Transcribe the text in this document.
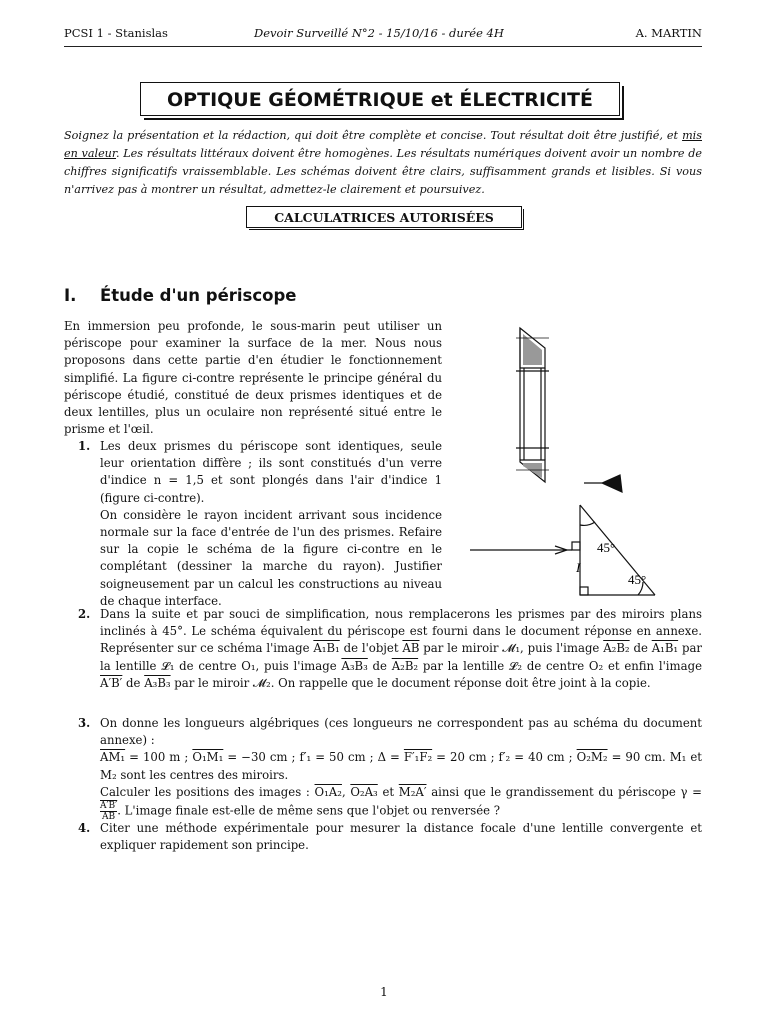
PCSI 1 - Stanislas	Devoir Surveillé N°2 - 15/10/16 - durée 4H	A. MARTIN
OPTIQUE GÉOMÉTRIQUE et ÉLECTRICITÉ
Soignez la présentation et la rédaction, qui doit être complète et concise. Tout résultat doit être justifié, et mis en valeur. Les résultats littéraux doivent être homogènes. Les résultats numériques doivent avoir un nombre de chiffres significatifs vraissemblable. Les schémas doivent être clairs, suffisamment grands et lisibles. Si vous n'arrivez pas à montrer un résultat, admettez-le clairement et poursuivez.
CALCULATRICES AUTORISÉES
I. Étude d'un périscope
En immersion peu profonde, le sous-marin peut utiliser un périscope pour examiner la surface de la mer. Nous nous proposons dans cette partie d'en étudier le fonctionnement simplifié. La figure ci-contre représente le principe général du périscope étudié, constitué de deux prismes identiques et de deux lentilles, plus un oculaire non représenté situé entre le prisme et l'œil.
1. Les deux prismes du périscope sont identiques, seule leur orientation diffère ; ils sont constitués d'un verre d'indice n = 1,5 et sont plongés dans l'air d'indice 1 (figure ci-contre).
On considère le rayon incident arrivant sous incidence normale sur la face d'entrée de l'un des prismes. Refaire sur la copie le schéma de la figure ci-contre en le complétant (dessiner la marche du rayon). Justifier soigneusement par un calcul les constructions au niveau de chaque interface.
2. Dans la suite et par souci de simplification, nous remplacerons les prismes par des miroirs plans inclinés à 45°. Le schéma équivalent du périscope est fourni dans le document réponse en annexe. Représenter sur ce schéma l'image A₁B₁ de l'objet $\overline{AB}$ par le miroir 𝓜₁, puis l'image A₂B₂ de A₁B₁ par la lentille 𝓛₁ de centre O₁, puis l'image A₃B₃ de A₂B₂ par la lentille 𝓛₂ de centre O₂ et enfin l'image A′B′ de A₃B₃ par le miroir 𝓜₂. On rappelle que le document réponse doit être joint à la copie.
3. On donne les longueurs algébriques (ces longueurs ne correspondent pas au schéma du document annexe) :
AM₁ = 100 m ; O₁M₁ = −30 cm ; f′₁ = 50 cm ; Δ = F′₁F₂ = 20 cm ; f′₂ = 40 cm ; O₂M₂ = 90 cm. M₁ et M₂ sont les centres des miroirs.
Calculer les positions des images : O₁A₂, O₂A₃ et M₂A′ ainsi que le grandissement du périscope γ =
$\frac{A'B'}{AB}$ . L'image finale est-elle de même sens que l'objet ou renversée ?
4. Citer une méthode expérimentale pour mesurer la distance focale d'une lentille convergente et expliquer rapidement son principe.
45°
45°
I
1
